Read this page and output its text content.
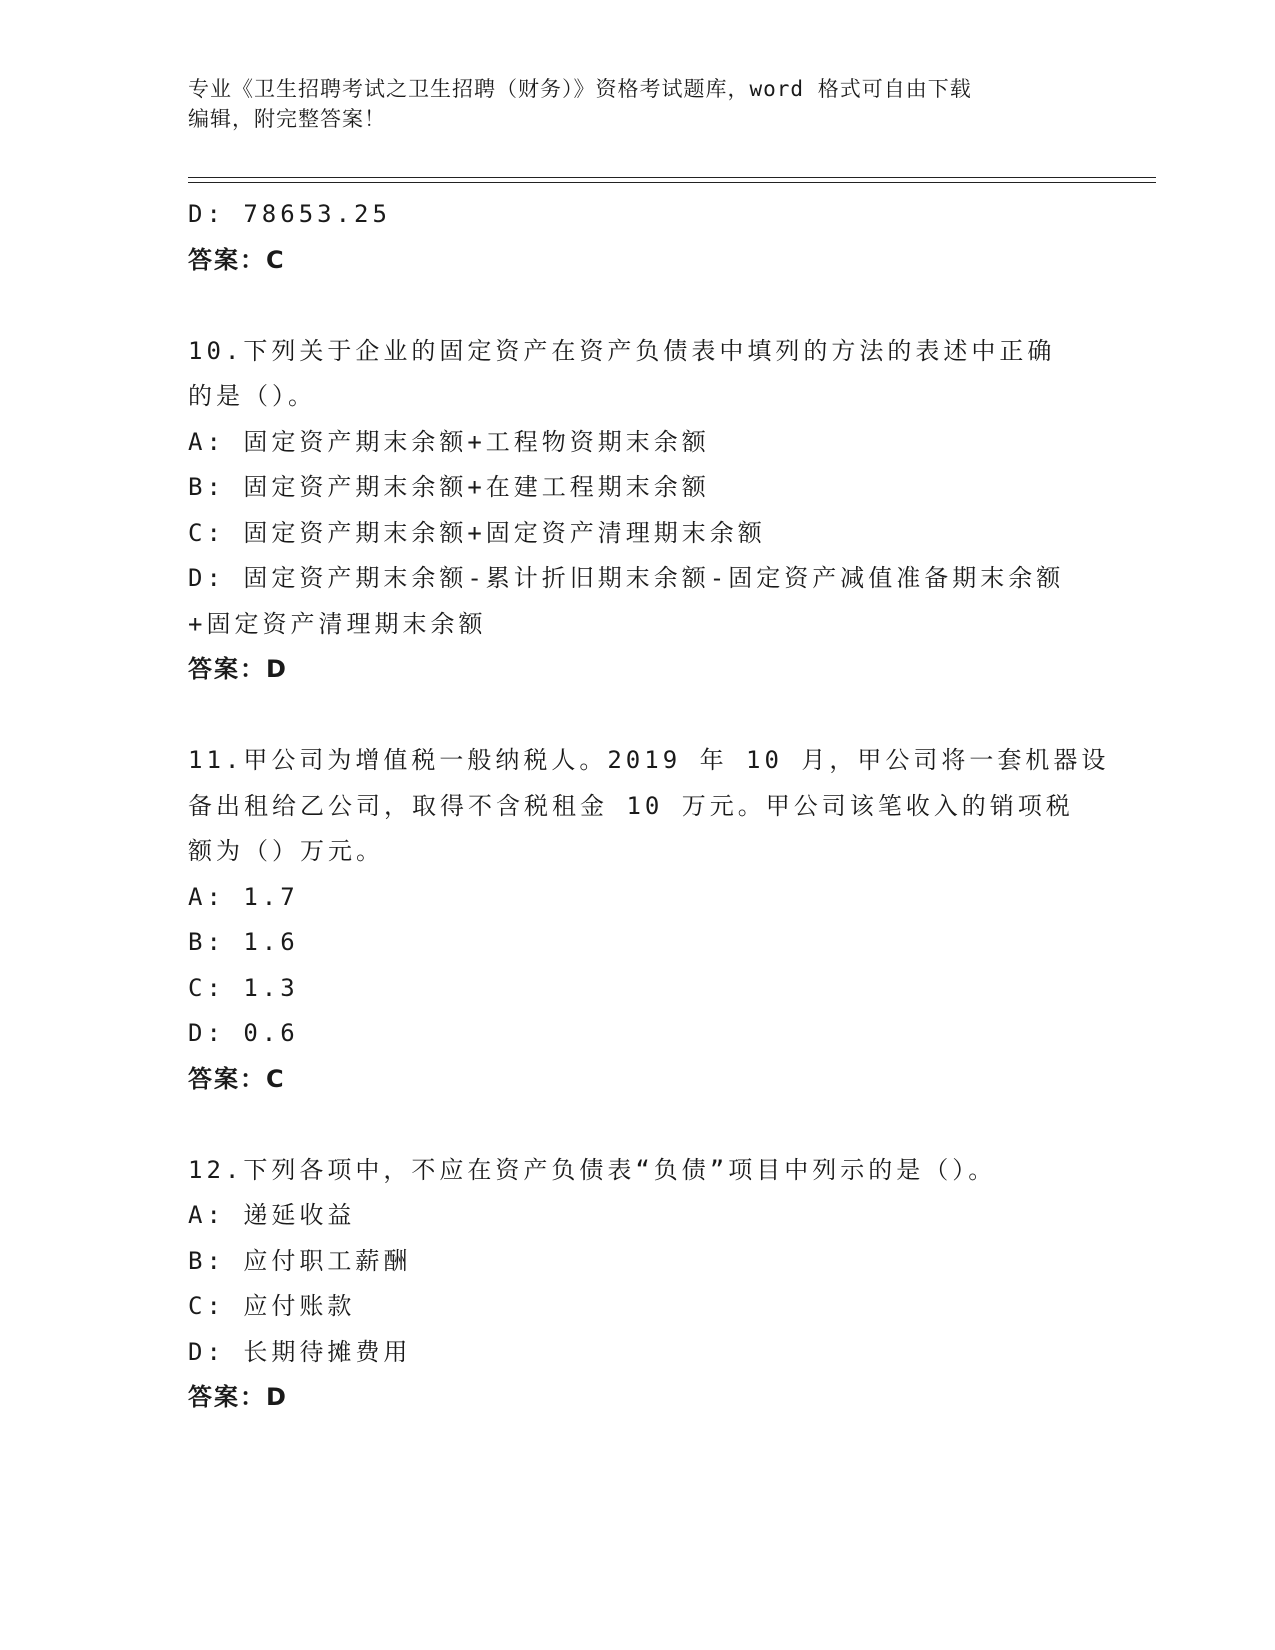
专业《卫生招聘考试之卫生招聘（财务）》资格考试题库，word 格式可自由下载
编辑，附完整答案！
D: 78653.25
答案：C
10.下列关于企业的固定资产在资产负债表中填列的方法的表述中正确
的是（）。
A: 固定资产期末余额+工程物资期末余额
B: 固定资产期末余额+在建工程期末余额
C: 固定资产期末余额+固定资产清理期末余额
D: 固定资产期末余额-累计折旧期末余额-固定资产减值准备期末余额
+固定资产清理期末余额
答案：D
11.甲公司为增值税一般纳税人。2019 年 10 月，甲公司将一套机器设
备出租给乙公司，取得不含税租金 10 万元。甲公司该笔收入的销项税
额为（）万元。
A: 1.7
B: 1.6
C: 1.3
D: 0.6
答案：C
12.下列各项中，不应在资产负债表“负债”项目中列示的是（）。
A: 递延收益
B: 应付职工薪酬
C: 应付账款
D: 长期待摊费用
答案：D
